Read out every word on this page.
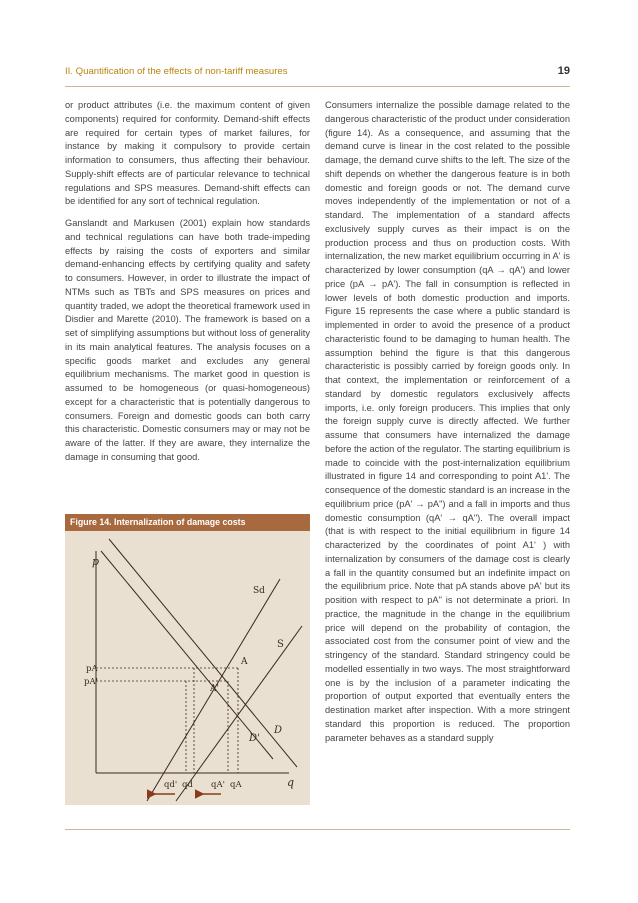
II. Quantification of the effects of non-tariff measures	19

or product attributes (i.e. the maximum content of given components) required for conformity. Demand-shift effects are required for certain types of market failures, for instance by making it compulsory to provide certain information to consumers, thus affecting their behaviour. Supply-shift effects are of particular relevance to technical regulations and SPS measures. Demand-shift effects can be identified for any sort of technical regulation.

Ganslandt and Markusen (2001) explain how standards and technical regulations can have both trade-impeding effects by raising the costs of exporters and similar demand-enhancing effects by certifying quality and safety to consumers. However, in order to illustrate the impact of NTMs such as TBTs and SPS measures on prices and quantity traded, we adopt the theoretical framework used in Disdier and Marette (2010). The framework is based on a set of simplifying assumptions but without loss of generality in its main analytical features. The analysis focuses on a specific goods market and excludes any general equilibrium mechanisms. The market good in question is assumed to be homogeneous (or quasi-homogeneous) except for a characteristic that is potentially dangerous to consumers. Foreign and domestic goods can both carry this characteristic. Domestic consumers may or may not be aware of the latter. If they are aware, they internalize the damage in consuming that good.

Figure 14. Internalization of damage costs
p
q
Sd
S
D
D'
A
A'
pA
pA'
qd' qd qA' qA

Consumers internalize the possible damage related to the dangerous characteristic of the product under consideration (figure 14). As a consequence, and assuming that the demand curve is linear in the cost related to the possible damage, the demand curve shifts to the left. The size of the shift depends on whether the dangerous feature is in both domestic and foreign goods or not. The demand curve moves independently of the implementation or not of a standard. The implementation of a standard affects exclusively supply curves as their impact is on the production process and thus on production costs. With internalization, the new market equilibrium occurring in A' is characterized by lower consumption (qA → qA') and lower price (pA → pA'). The fall in consumption is reflected in lower levels of both domestic production and imports. Figure 15 represents the case where a public standard is implemented in order to avoid the presence of a product characteristic found to be damaging to human health. The assumption behind the figure is that this dangerous characteristic is possibly carried by foreign goods only. In that context, the implementation or reinforcement of a standard by domestic regulators exclusively affects imports, i.e. only foreign producers. This implies that only the foreign supply curve is directly affected. We further assume that consumers have internalized the damage before the action of the regulator. The starting equilibrium is made to coincide with the post-internalization equilibrium illustrated in figure 14 and corresponding to point A1'. The consequence of the domestic standard is an increase in the equilibrium price (pA' → pA") and a fall in imports and thus domestic consumption (qA' → qA"). The overall impact (that is with respect to the initial equilibrium in figure 14 characterized by the coordinates of point A1' ) with internalization by consumers of the damage cost is clearly a fall in the quantity consumed but an indefinite impact on the equilibrium price. Note that pA stands above pA' but its position with respect to pA" is not determinate a priori. In practice, the magnitude in the change in the equilibrium price will depend on the probability of contagion, the associated cost from the consumer point of view and the stringency of the standard. Standard stringency could be modelled essentially in two ways. The most straightforward one is by the inclusion of a parameter indicating the proportion of output exported that eventually enters the destination market after inspection. With a more stringent standard this proportion is reduced. The proportion parameter behaves as a standard supply
